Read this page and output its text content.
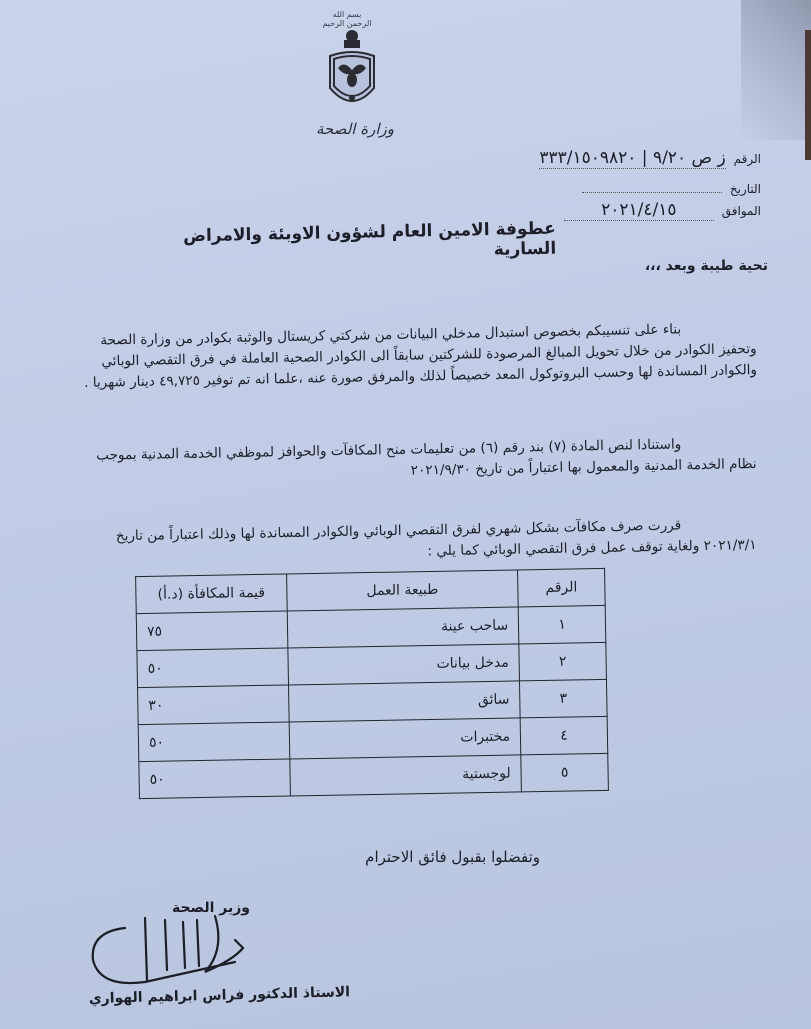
بسم الله الرحمن الرحيم
وزارة الصحة
الرقم
ز ص ٩/٢٠ | ٣٣٣/١٥٠٩٨٢٠
التاريخ
الموافق
٢٠٢١/٤/١٥
عطوفة الامين العام لشؤون الاوبئة والامراض السارية
تحية طيبة وبعد ،،،
بناء على تنسيبكم بخصوص استبدال مدخلي البيانات من شركتي كريستال والوثبة بكوادر من وزارة الصحة وتحفيز الكوادر من خلال تحويل المبالغ المرصودة للشركتين سابقاً الى الكوادر الصحية العاملة في فرق التقصي الوبائي والكوادر المساندة لها وحسب البروتوكول المعد خصيصاً لذلك والمرفق صورة عنه ،علما انه تم توفير ٤٩,٧٢٥ دينار شهريا .
واستنادا لنص المادة (٧) بند رقم (٦) من تعليمات منح المكافآت والحوافز لموظفي الخدمة المدنية بموجب نظام الخدمة المدنية والمعمول بها اعتباراً من تاريخ ٢٠٢١/٩/٣٠
قررت صرف مكافآت بشكل شهري لفرق التقصي الوبائي والكوادر المساندة لها وذلك اعتباراً من تاريخ ٢٠٢١/٣/١ ولغاية توقف عمل فرق التقصي الوبائي كما يلي :
الرقم	طبيعة العمل	قيمة المكافأة (د.أ)
١	ساحب عينة	٧٥
٢	مدخل بيانات	٥٠
٣	سائق	٣٠
٤	مختبرات	٥٠
٥	لوجستية	٥٠
وتفضلوا بقبول فائق الاحترام
وزير الصحة
الاستاذ الدكتور فراس ابراهيم الهواري
